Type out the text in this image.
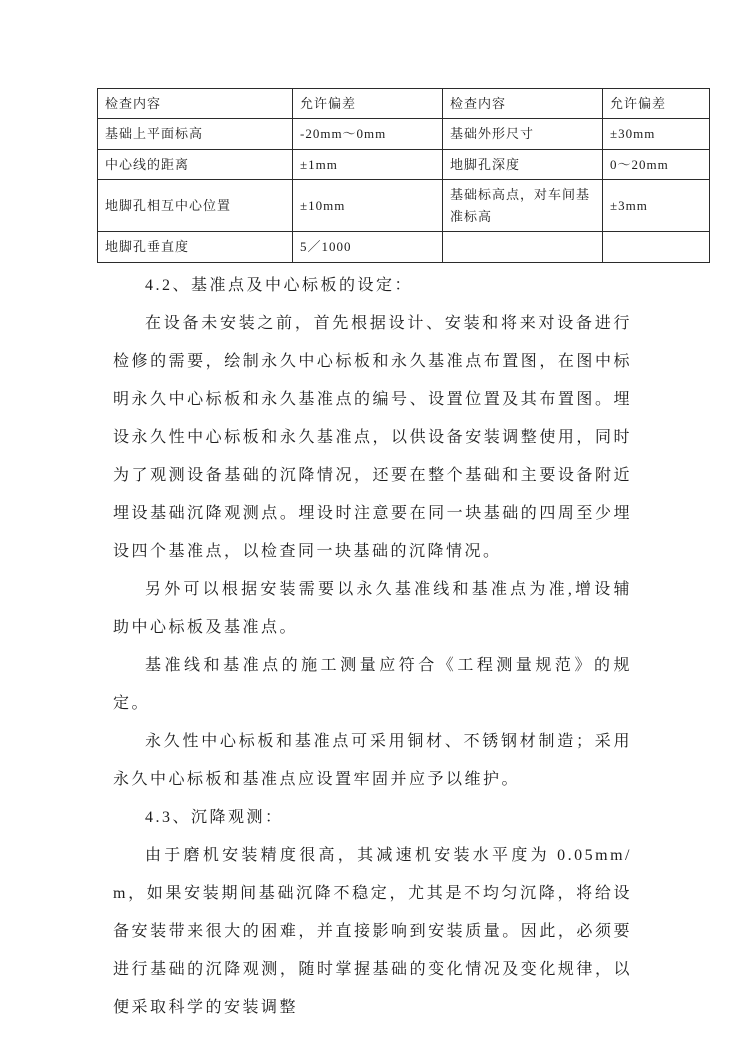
检查内容	允许偏差	检查内容	允许偏差
基础上平面标高	-20mm～0mm	基础外形尺寸	±30mm
中心线的距离	±1mm	地脚孔深度	0～20mm
地脚孔相互中心位置	±10mm	基础标高点，对车间基准标高	±3mm
地脚孔垂直度	5／1000		

4.2、基准点及中心标板的设定：

在设备未安装之前，首先根据设计、安装和将来对设备进行检修的需要，绘制永久中心标板和永久基准点布置图，在图中标明永久中心标板和永久基准点的编号、设置位置及其布置图。埋设永久性中心标板和永久基准点，以供设备安装调整使用，同时为了观测设备基础的沉降情况，还要在整个基础和主要设备附近埋设基础沉降观测点。埋设时注意要在同一块基础的四周至少埋设四个基准点，以检查同一块基础的沉降情况。

另外可以根据安装需要以永久基准线和基准点为准,增设辅助中心标板及基准点。

基准线和基准点的施工测量应符合《工程测量规范》的规定。

永久性中心标板和基准点可采用铜材、不锈钢材制造；采用永久中心标板和基准点应设置牢固并应予以维护。

4.3、沉降观测：

由于磨机安装精度很高，其减速机安装水平度为 0.05mm/m，如果安装期间基础沉降不稳定，尤其是不均匀沉降，将给设备安装带来很大的困难，并直接影响到安装质量。因此，必须要进行基础的沉降观测，随时掌握基础的变化情况及变化规律，以便采取科学的安装调整
